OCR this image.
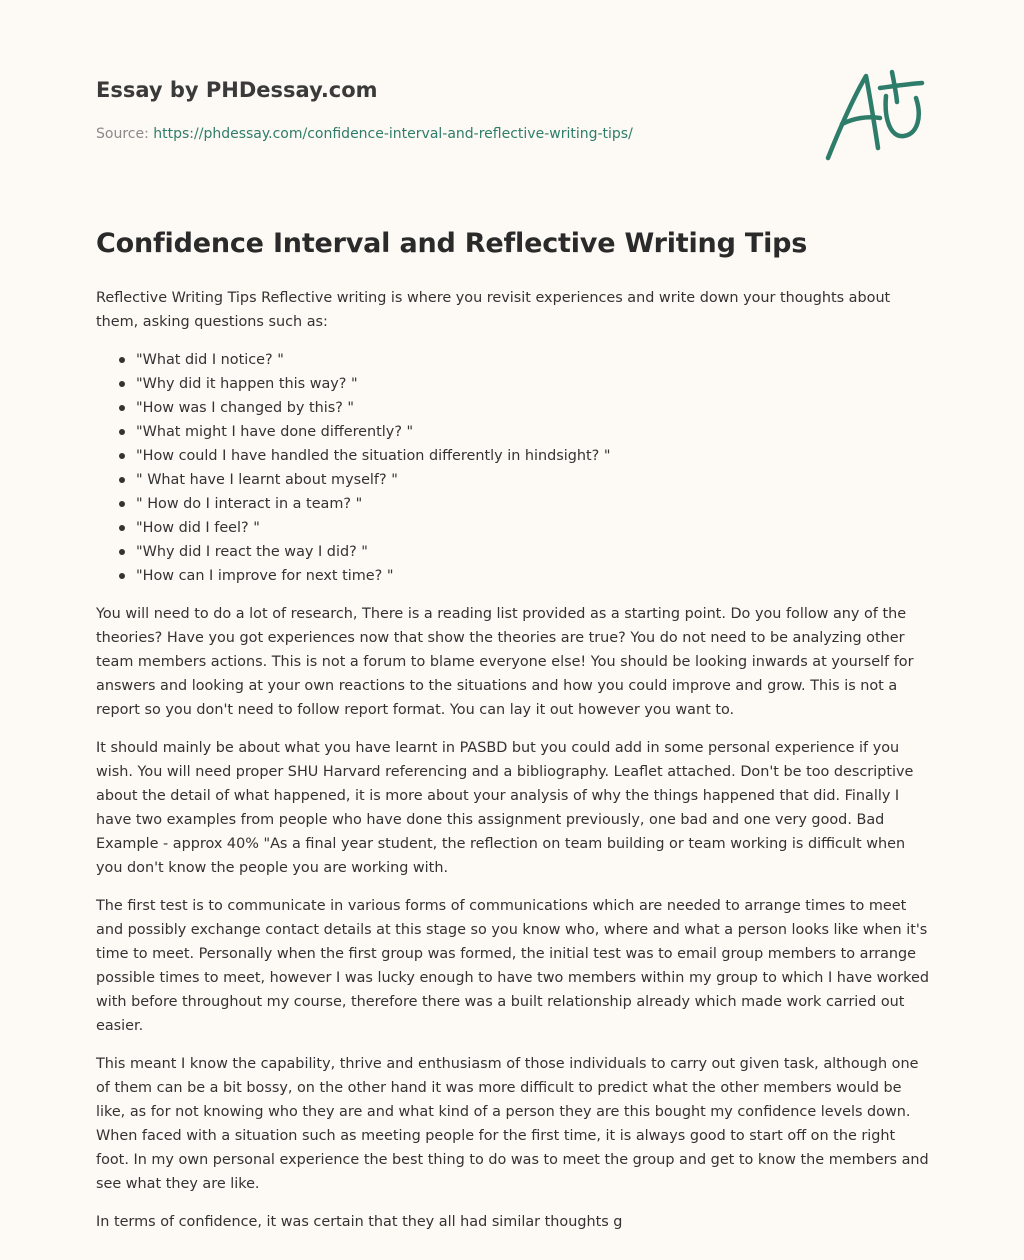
Essay by PHDessay.com
Source: https://phdessay.com/confidence-interval-and-reflective-writing-tips/
Confidence Interval and Reflective Writing Tips

Reflective Writing Tips Reflective writing is where you revisit experiences and write down your thoughts about them, asking questions such as:

"What did I notice? "
"Why did it happen this way? "
"How was I changed by this? "
"What might I have done differently? "
"How could I have handled the situation differently in hindsight? "
" What have I learnt about myself? "
" How do I interact in a team? "
"How did I feel? "
"Why did I react the way I did? "
"How can I improve for next time? "

You will need to do a lot of research, There is a reading list provided as a starting point. Do you follow any of the theories? Have you got experiences now that show the theories are true? You do not need to be analyzing other team members actions. This is not a forum to blame everyone else! You should be looking inwards at yourself for answers and looking at your own reactions to the situations and how you could improve and grow. This is not a report so you don't need to follow report format. You can lay it out however you want to.

It should mainly be about what you have learnt in PASBD but you could add in some personal experience if you wish. You will need proper SHU Harvard referencing and a bibliography. Leaflet attached. Don't be too descriptive about the detail of what happened, it is more about your analysis of why the things happened that did. Finally I have two examples from people who have done this assignment previously, one bad and one very good. Bad Example - approx 40% "As a final year student, the reflection on team building or team working is difficult when you don't know the people you are working with.

The first test is to communicate in various forms of communications which are needed to arrange times to meet and possibly exchange contact details at this stage so you know who, where and what a person looks like when it's time to meet. Personally when the first group was formed, the initial test was to email group members to arrange possible times to meet, however I was lucky enough to have two members within my group to which I have worked with before throughout my course, therefore there was a built relationship already which made work carried out easier.

This meant I know the capability, thrive and enthusiasm of those individuals to carry out given task, although one of them can be a bit bossy, on the other hand it was more difficult to predict what the other members would be like, as for not knowing who they are and what kind of a person they are this bought my confidence levels down. When faced with a situation such as meeting people for the first time, it is always good to start off on the right foot. In my own personal experience the best thing to do was to meet the group and get to know the members and see what they are like.

In terms of confidence, it was certain that they all had similar thoughts g
